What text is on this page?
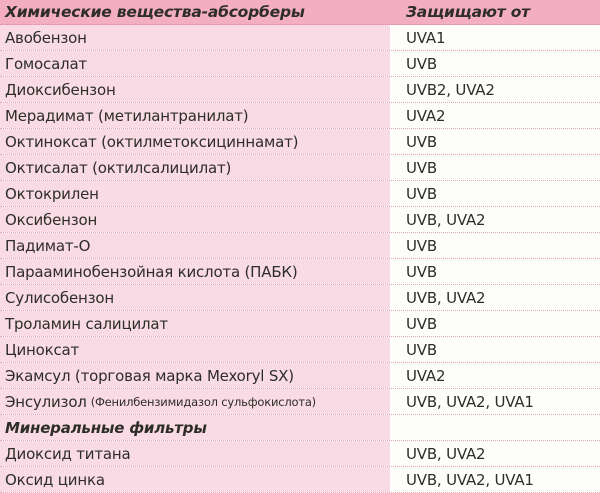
Химические вещества-абсорберы	Защищают от
Авобензон	UVA1
Гомосалат	UVB
Диоксибензон	UVB2, UVA2
Мерадимат (метилантранилат)	UVA2
Октиноксат (октилметоксициннамат)	UVB
Октисалат (октилсалицилат)	UVB
Октокрилен	UVB
Оксибензон	UVB, UVA2
Падимат-О	UVB
Парааминобензойная кислота (ПАБК)	UVB
Сулисобензон	UVB, UVA2
Троламин салицилат	UVB
Циноксат	UVB
Экамсул (торговая марка Mexoryl SX)	UVA2
Энсулизол (Фенилбензимидазол сульфокислота)	UVB, UVA2, UVA1
Минеральные фильтры
Диоксид титана	UVB, UVA2
Оксид цинка	UVB, UVA2, UVA1
